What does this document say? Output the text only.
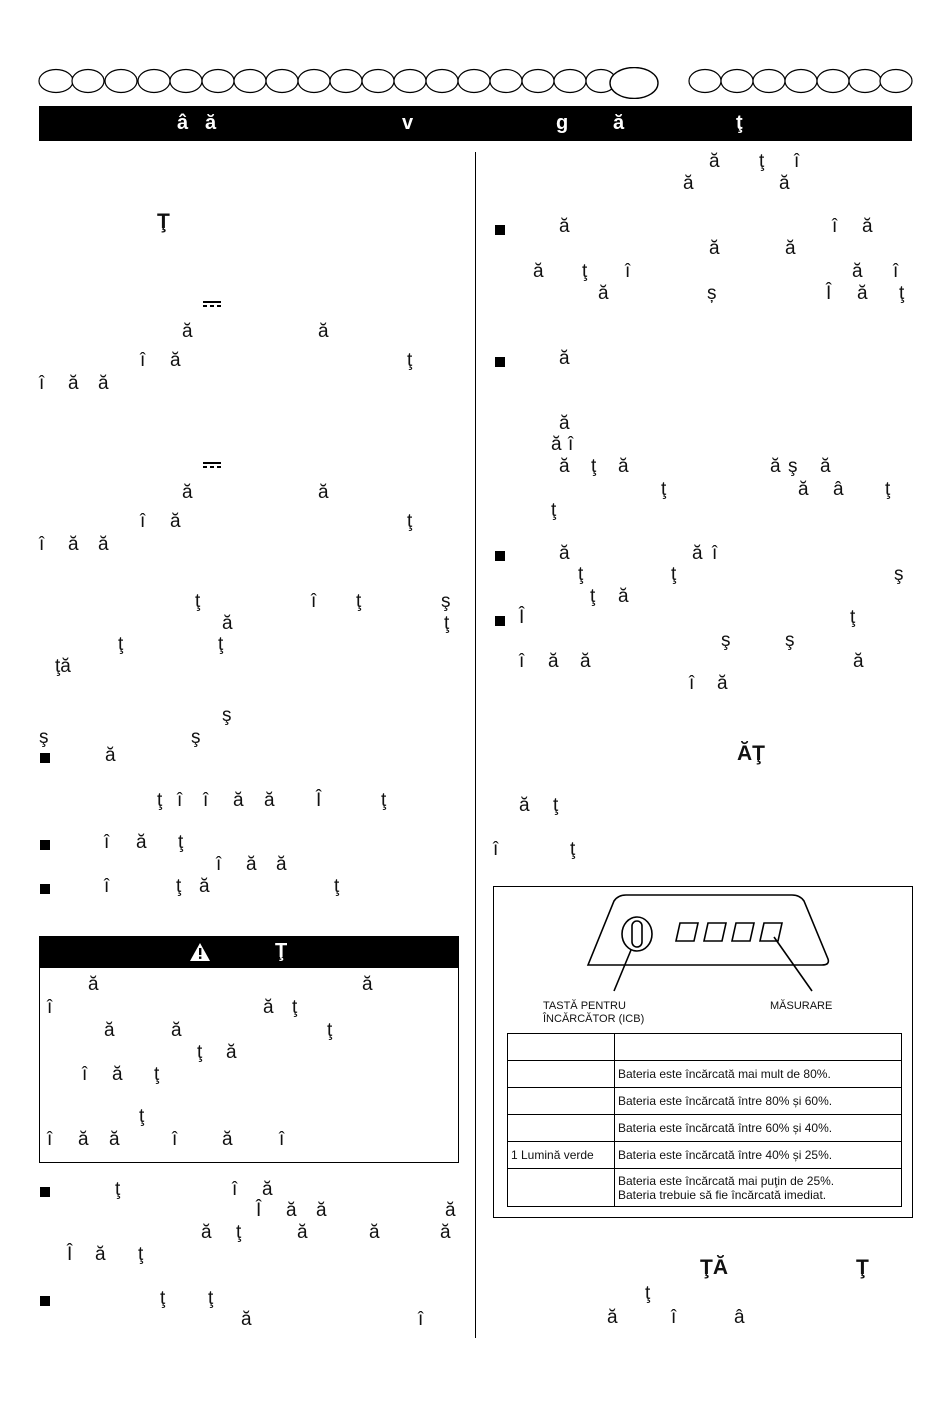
â ă	v	g ă	ţ
Ţ
ă	ă
î ă	ţ
î ă ă
ă	ă
î ă	ţ
î ă ă
ţ	î ţ	ş
ă	ţ
ţ	ţ
ţă
ş
ş	ş
ă
ţ î î ă ă Î	ţ
î ă ţ
î ă ă
î	ţ ă	ţ
Ţ
ă	ă
î	ă ţ
ă	ă	ţ
ţ ă
î ă ţ
ţ
î ă ă	î ă î
ţ	î ă
Î ă ă	ă
ă ţ	ă	ă	ă
Î ă ţ
ţ ţ
ă	î
ă ţ î
ă	ă
ă	î ă
ă	ă
ă ţ î	ă î
ă	ș	Î ă ţ
ă
ă
ă î
ă ţ ă	ă ş ă
ţ	ă â ţ
ţ
ă	ă î
ţ	ţ	ş
ţ ă
Î	ţ
ş	ş
î ă ă	ă
î ă
ĂŢ
ă ţ
î	ţ
TASTĂ PENTRU
ÎNCĂRCĂTOR (ICB)
MĂSURARE

	Bateria este încărcată mai mult de 80%.
	Bateria este încărcată între 80% și 60%.
	Bateria este încărcată între 60% și 40%.
1 Lumină verde	Bateria este încărcată între 40% și 25%.

	Bateria este încărcată mai puţin de 25%.
Bateria trebuie să fie încărcată imediat.
ŢĂ	Ţ
ţ
ă	î	â
